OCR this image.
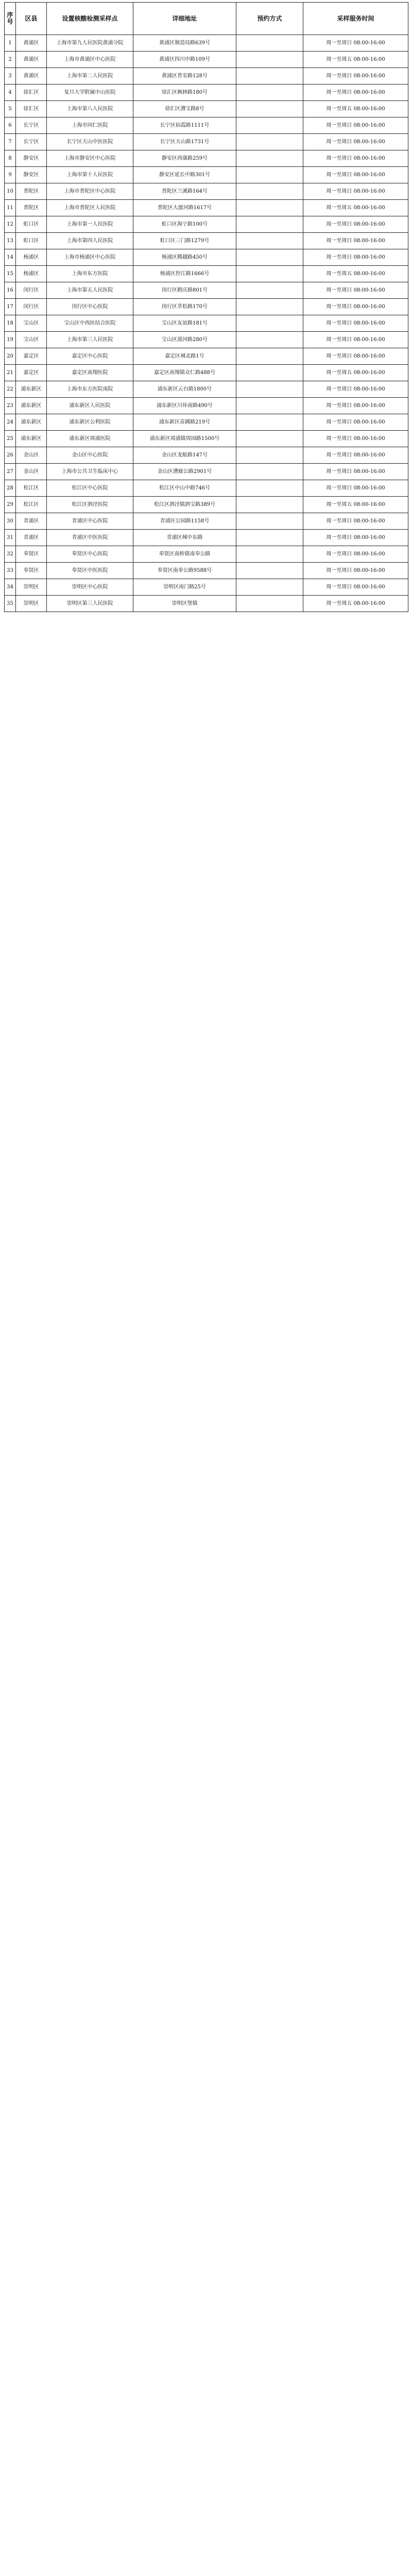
序号	区县	设置核酸检测采样点	详细地址	预约方式	采样服务时间
1	黄浦区	上海市第九人民医院黄浦分院	黄浦区制造局路639号		周一至周日 08:00-16:00
2	黄浦区	上海市黄浦区中心医院	黄浦区四川中路109号		周一至周五 08:00-16:00
3	黄浦区	上海市第二人民医院	黄浦区普安路128号		周一至周日 08:00-16:00
4	徐汇区	复旦大学附属中山医院	徐汇区枫林路180号		周一至周日 08:00-16:00
5	徐汇区	上海市第八人民医院	徐汇区漕宝路8号		周一至周五 08:00-16:00
6	长宁区	上海市同仁医院	长宁区仙霞路1111号		周一至周日 08:00-16:00
7	长宁区	长宁区天山中医医院	长宁区天山路1731号		周一至周日 08:00-16:00
8	静安区	上海市静安区中心医院	静安区西康路259号		周一至周日 08:00-16:00
9	静安区	上海市第十人民医院	静安区延长中路301号		周一至周日 08:00-16:00
10	普陀区	上海市普陀区中心医院	普陀区兰溪路164号		周一至周日 08:00-16:00
11	普陀区	上海市普陀区人民医院	普陀区大渡河路1617号		周一至周五 08:00-16:00
12	虹口区	上海市第一人民医院	虹口区海宁路100号		周一至周日 08:00-16:00
13	虹口区	上海市第四人民医院	虹口区三门路1279号		周一至周日 08:00-16:00
14	杨浦区	上海市杨浦区中心医院	杨浦区腾越路450号		周一至周日 08:00-16:00
15	杨浦区	上海市东方医院	杨浦区控江路1666号		周一至周五 08:00-16:00
16	闵行区	上海市第五人民医院	闵行区鹤庆路801号		周一至周日 08:00-16:00
17	闵行区	闵行区中心医院	闵行区莘松路170号		周一至周日 08:00-16:00
18	宝山区	宝山区中西医结合医院	宝山区友谊路181号		周一至周日 08:00-16:00
19	宝山区	上海市第三人民医院	宝山区漠河路280号		周一至周日 08:00-16:00
20	嘉定区	嘉定区中心医院	嘉定区城北路1号		周一至周日 08:00-16:00
21	嘉定区	嘉定区南翔医院	嘉定区南翔镇众仁路488号		周一至周五 08:00-16:00
22	浦东新区	上海市东方医院南院	浦东新区云台路1800号		周一至周日 08:00-16:00
23	浦东新区	浦东新区人民医院	浦东新区川环南路490号		周一至周日 08:00-16:00
24	浦东新区	浦东新区公利医院	浦东新区苗圃路219号		周一至周日 08:00-16:00
25	浦东新区	浦东新区周浦医院	浦东新区周浦镇周园路1500号		周一至周日 08:00-16:00
26	金山区	金山区中心医院	金山区龙航路147号		周一至周日 08:00-16:00
27	金山区	上海市公共卫生临床中心	金山区漕廊公路2901号		周一至周日 08:00-16:00
28	松江区	松江区中心医院	松江区中山中路746号		周一至周日 08:00-16:00
29	松江区	松江区泗泾医院	松江区泗泾镇泗宝路389号		周一至周五 08:00-16:00
30	青浦区	青浦区中心医院	青浦区公园路1158号		周一至周日 08:00-16:00
31	青浦区	青浦区中医医院	青浦区城中东路		周一至周日 08:00-16:00
32	奉贤区	奉贤区中心医院	奉贤区南桥镇南奉公路		周一至周日 08:00-16:00
33	奉贤区	奉贤区中医医院	奉贤区南奉公路9588号		周一至周日 08:00-16:00
34	崇明区	崇明区中心医院	崇明区南门路25号		周一至周日 08:00-16:00
35	崇明区	崇明区第三人民医院	崇明区堡镇		周一至周五 08:00-16:00
